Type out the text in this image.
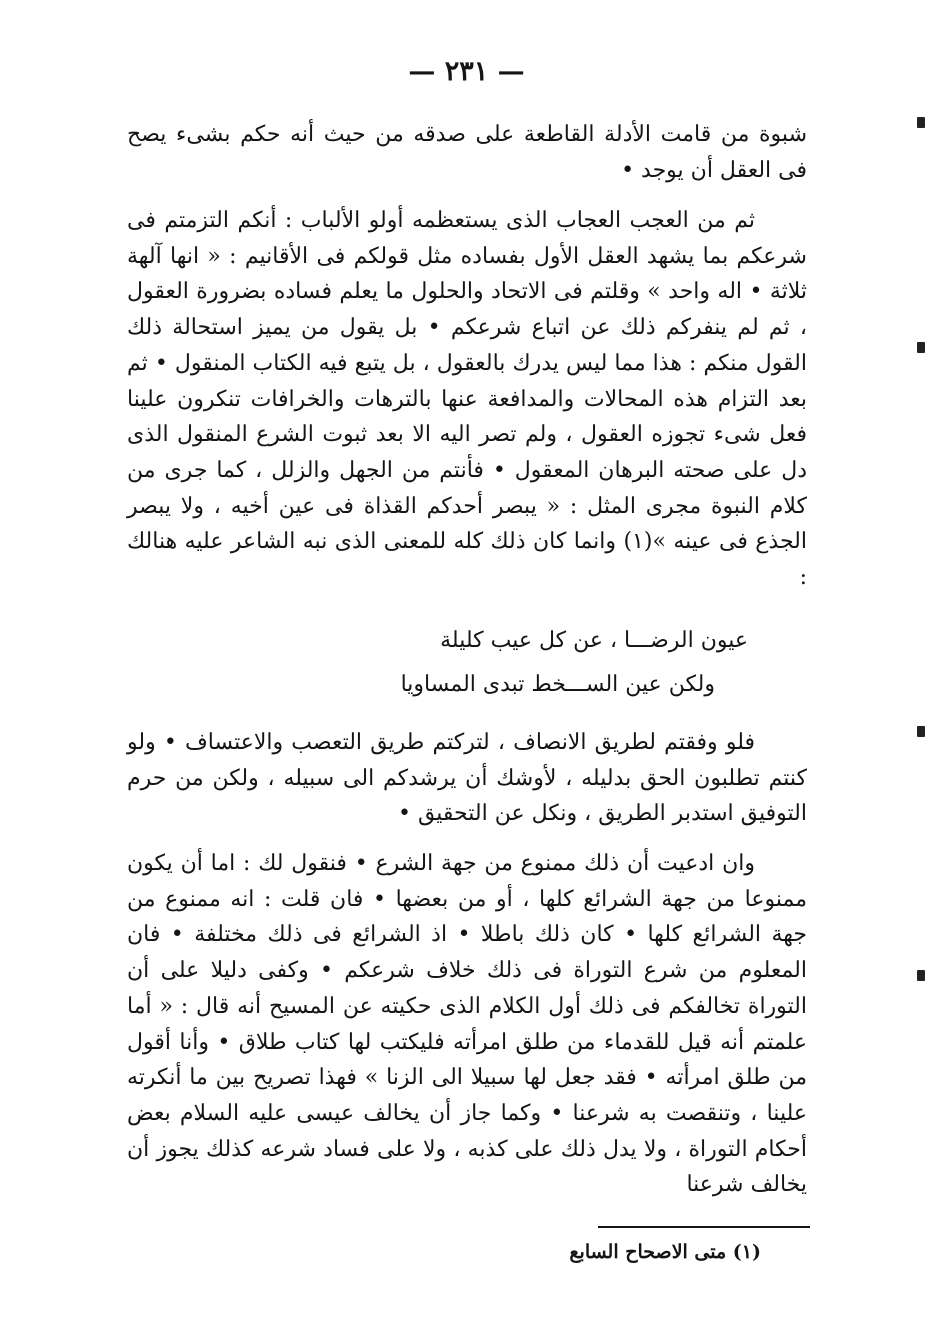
— ٢٣١ —

شبوة من قامت الأدلة القاطعة على صدقه من حيث أنه حكم بشىء يصح فى العقل أن يوجد •

ثم من العجب العجاب الذى يستعظمه أولو الألباب : أنكم التزمتم فى شرعكم بما يشهد العقل الأول بفساده مثل قولكم فى الأقانيم : « انها آلهة ثلاثة • اله واحد » وقلتم فى الاتحاد والحلول ما يعلم فساده بضرورة العقول ، ثم لم ينفركم ذلك عن اتباع شرعكم • بل يقول من يميز استحالة ذلك القول منكم : هذا مما ليس يدرك بالعقول ، بل يتبع فيه الكتاب المنقول • ثم بعد التزام هذه المحالات والمدافعة عنها بالترهات والخرافات تنكرون علينا فعل شىء تجوزه العقول ، ولم تصر اليه الا بعد ثبوت الشرع المنقول الذى دل على صحته البرهان المعقول • فأنتم من الجهل والزلل ، كما جرى من كلام النبوة مجرى المثل : « يبصر أحدكم القذاة فى عين أخيه ، ولا يبصر الجذع فى عينه »(١) وانما كان ذلك كله للمعنى الذى نبه الشاعر عليه هنالك :

عيون الرضـــا ، عن كل عيب كليلة

ولكن عين الســـخط تبدى المساويا

فلو وفقتم لطريق الانصاف ، لتركتم طريق التعصب والاعتساف • ولو كنتم تطلبون الحق بدليله ، لأوشك أن يرشدكم الى سبيله ، ولكن من حرم التوفيق استدبر الطريق ، ونكل عن التحقيق •

وان ادعيت أن ذلك ممنوع من جهة الشرع • فنقول لك : اما أن يكون ممنوعا من جهة الشرائع كلها ، أو من بعضها • فان قلت : انه ممنوع من جهة الشرائع كلها • كان ذلك باطلا • اذ الشرائع فى ذلك مختلفة • فان المعلوم من شرع التوراة فى ذلك خلاف شرعكم • وكفى دليلا على أن التوراة تخالفكم فى ذلك أول الكلام الذى حكيته عن المسيح أنه قال : « أما علمتم أنه قيل للقدماء من طلق امرأته فليكتب لها كتاب طلاق • وأنا أقول من طلق امرأته • فقد جعل لها سبيلا الى الزنا » فهذا تصريح بين ما أنكرته علينا ، وتنقصت به شرعنا • وكما جاز أن يخالف عيسى عليه السلام بعض أحكام التوراة ، ولا يدل ذلك على كذبه ، ولا على فساد شرعه كذلك يجوز أن يخالف شرعنا

(١) متى الاصحاح السابع
